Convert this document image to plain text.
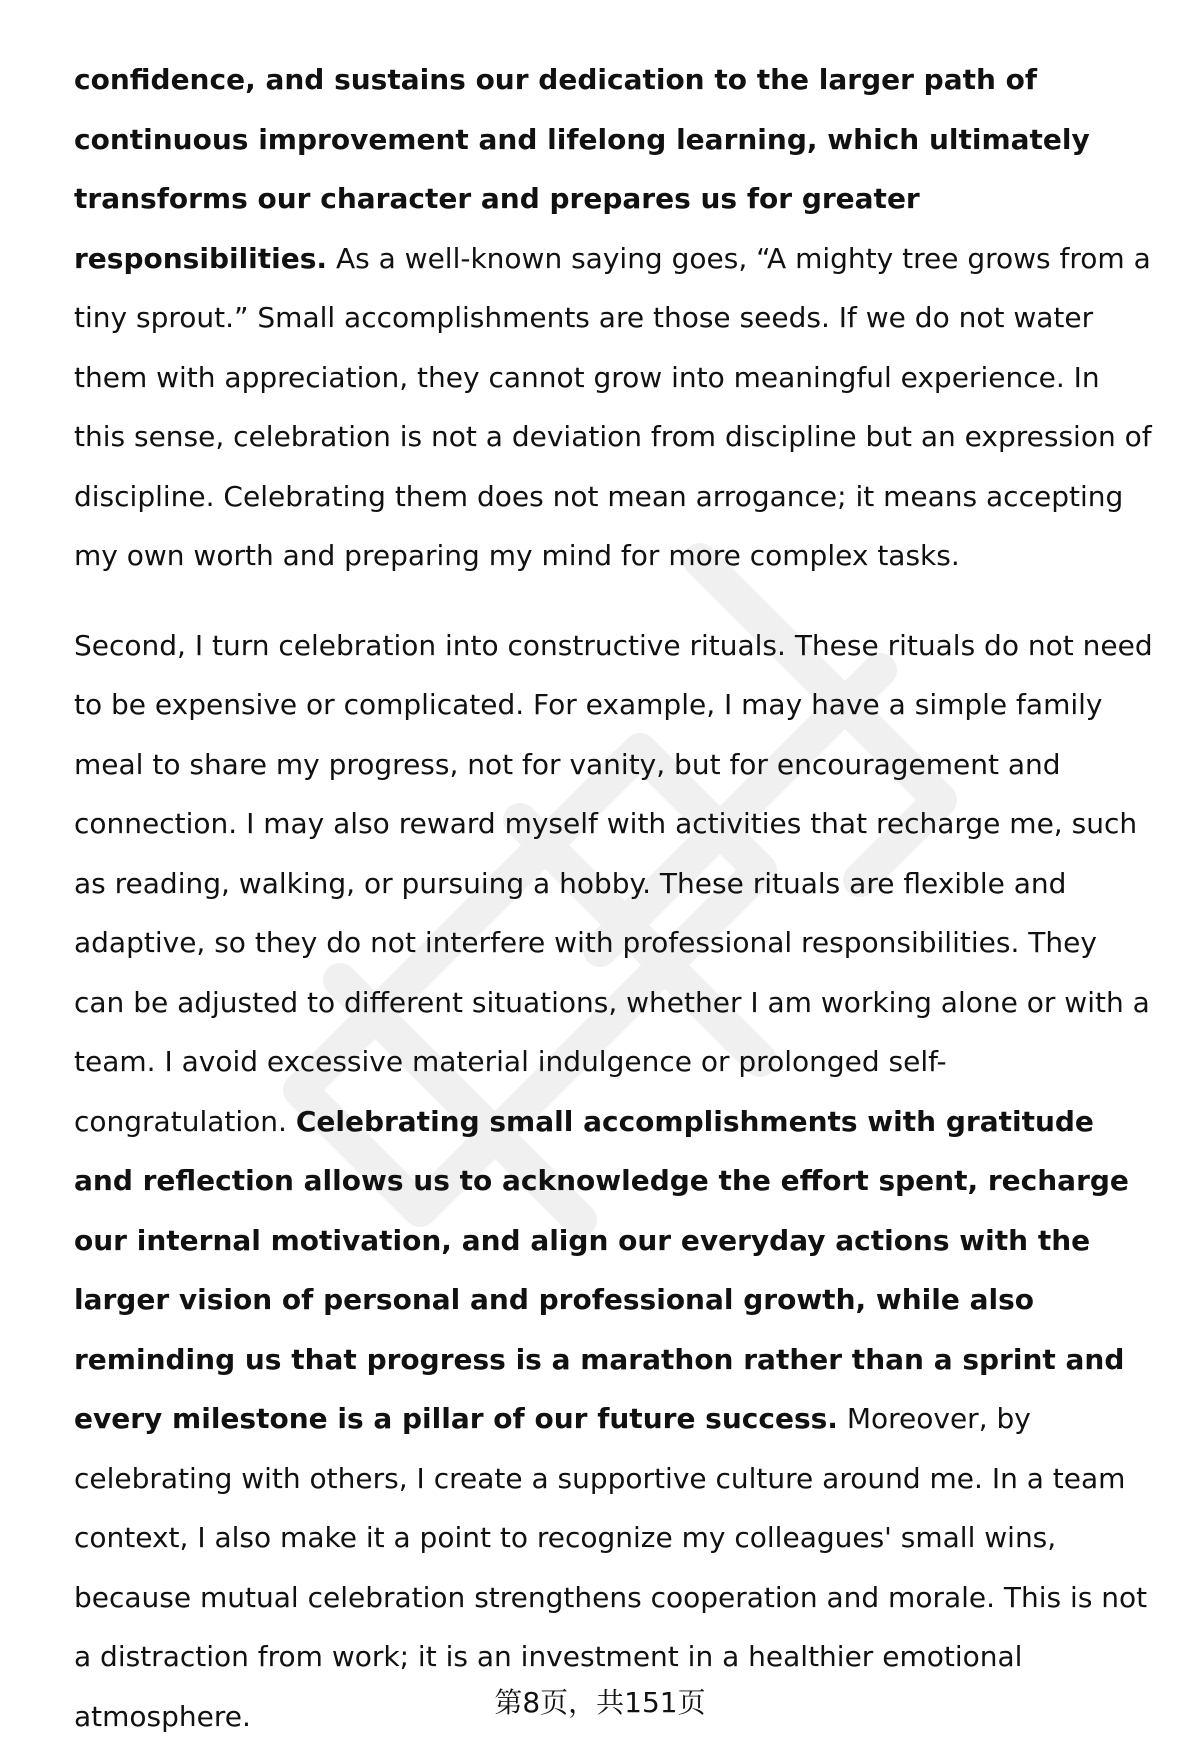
confidence, and sustains our dedication to the larger path of continuous improvement and lifelong learning, which ultimately transforms our character and prepares us for greater responsibilities. As a well-known saying goes, “A mighty tree grows from a tiny sprout.” Small accomplishments are those seeds. If we do not water them with appreciation, they cannot grow into meaningful experience. In this sense, celebration is not a deviation from discipline but an expression of discipline. Celebrating them does not mean arrogance; it means accepting my own worth and preparing my mind for more complex tasks.

Second, I turn celebration into constructive rituals. These rituals do not need to be expensive or complicated. For example, I may have a simple family meal to share my progress, not for vanity, but for encouragement and connection. I may also reward myself with activities that recharge me, such as reading, walking, or pursuing a hobby. These rituals are flexible and adaptive, so they do not interfere with professional responsibilities. They can be adjusted to different situations, whether I am working alone or with a team. I avoid excessive material indulgence or prolonged self-congratulation. Celebrating small accomplishments with gratitude and reflection allows us to acknowledge the effort spent, recharge our internal motivation, and align our everyday actions with the larger vision of personal and professional growth, while also reminding us that progress is a marathon rather than a sprint and every milestone is a pillar of our future success. Moreover, by celebrating with others, I create a supportive culture around me. In a team context, I also make it a point to recognize my colleagues' small wins, because mutual celebration strengthens cooperation and morale. This is not a distraction from work; it is an investment in a healthier emotional atmosphere.	第8页，共151页
